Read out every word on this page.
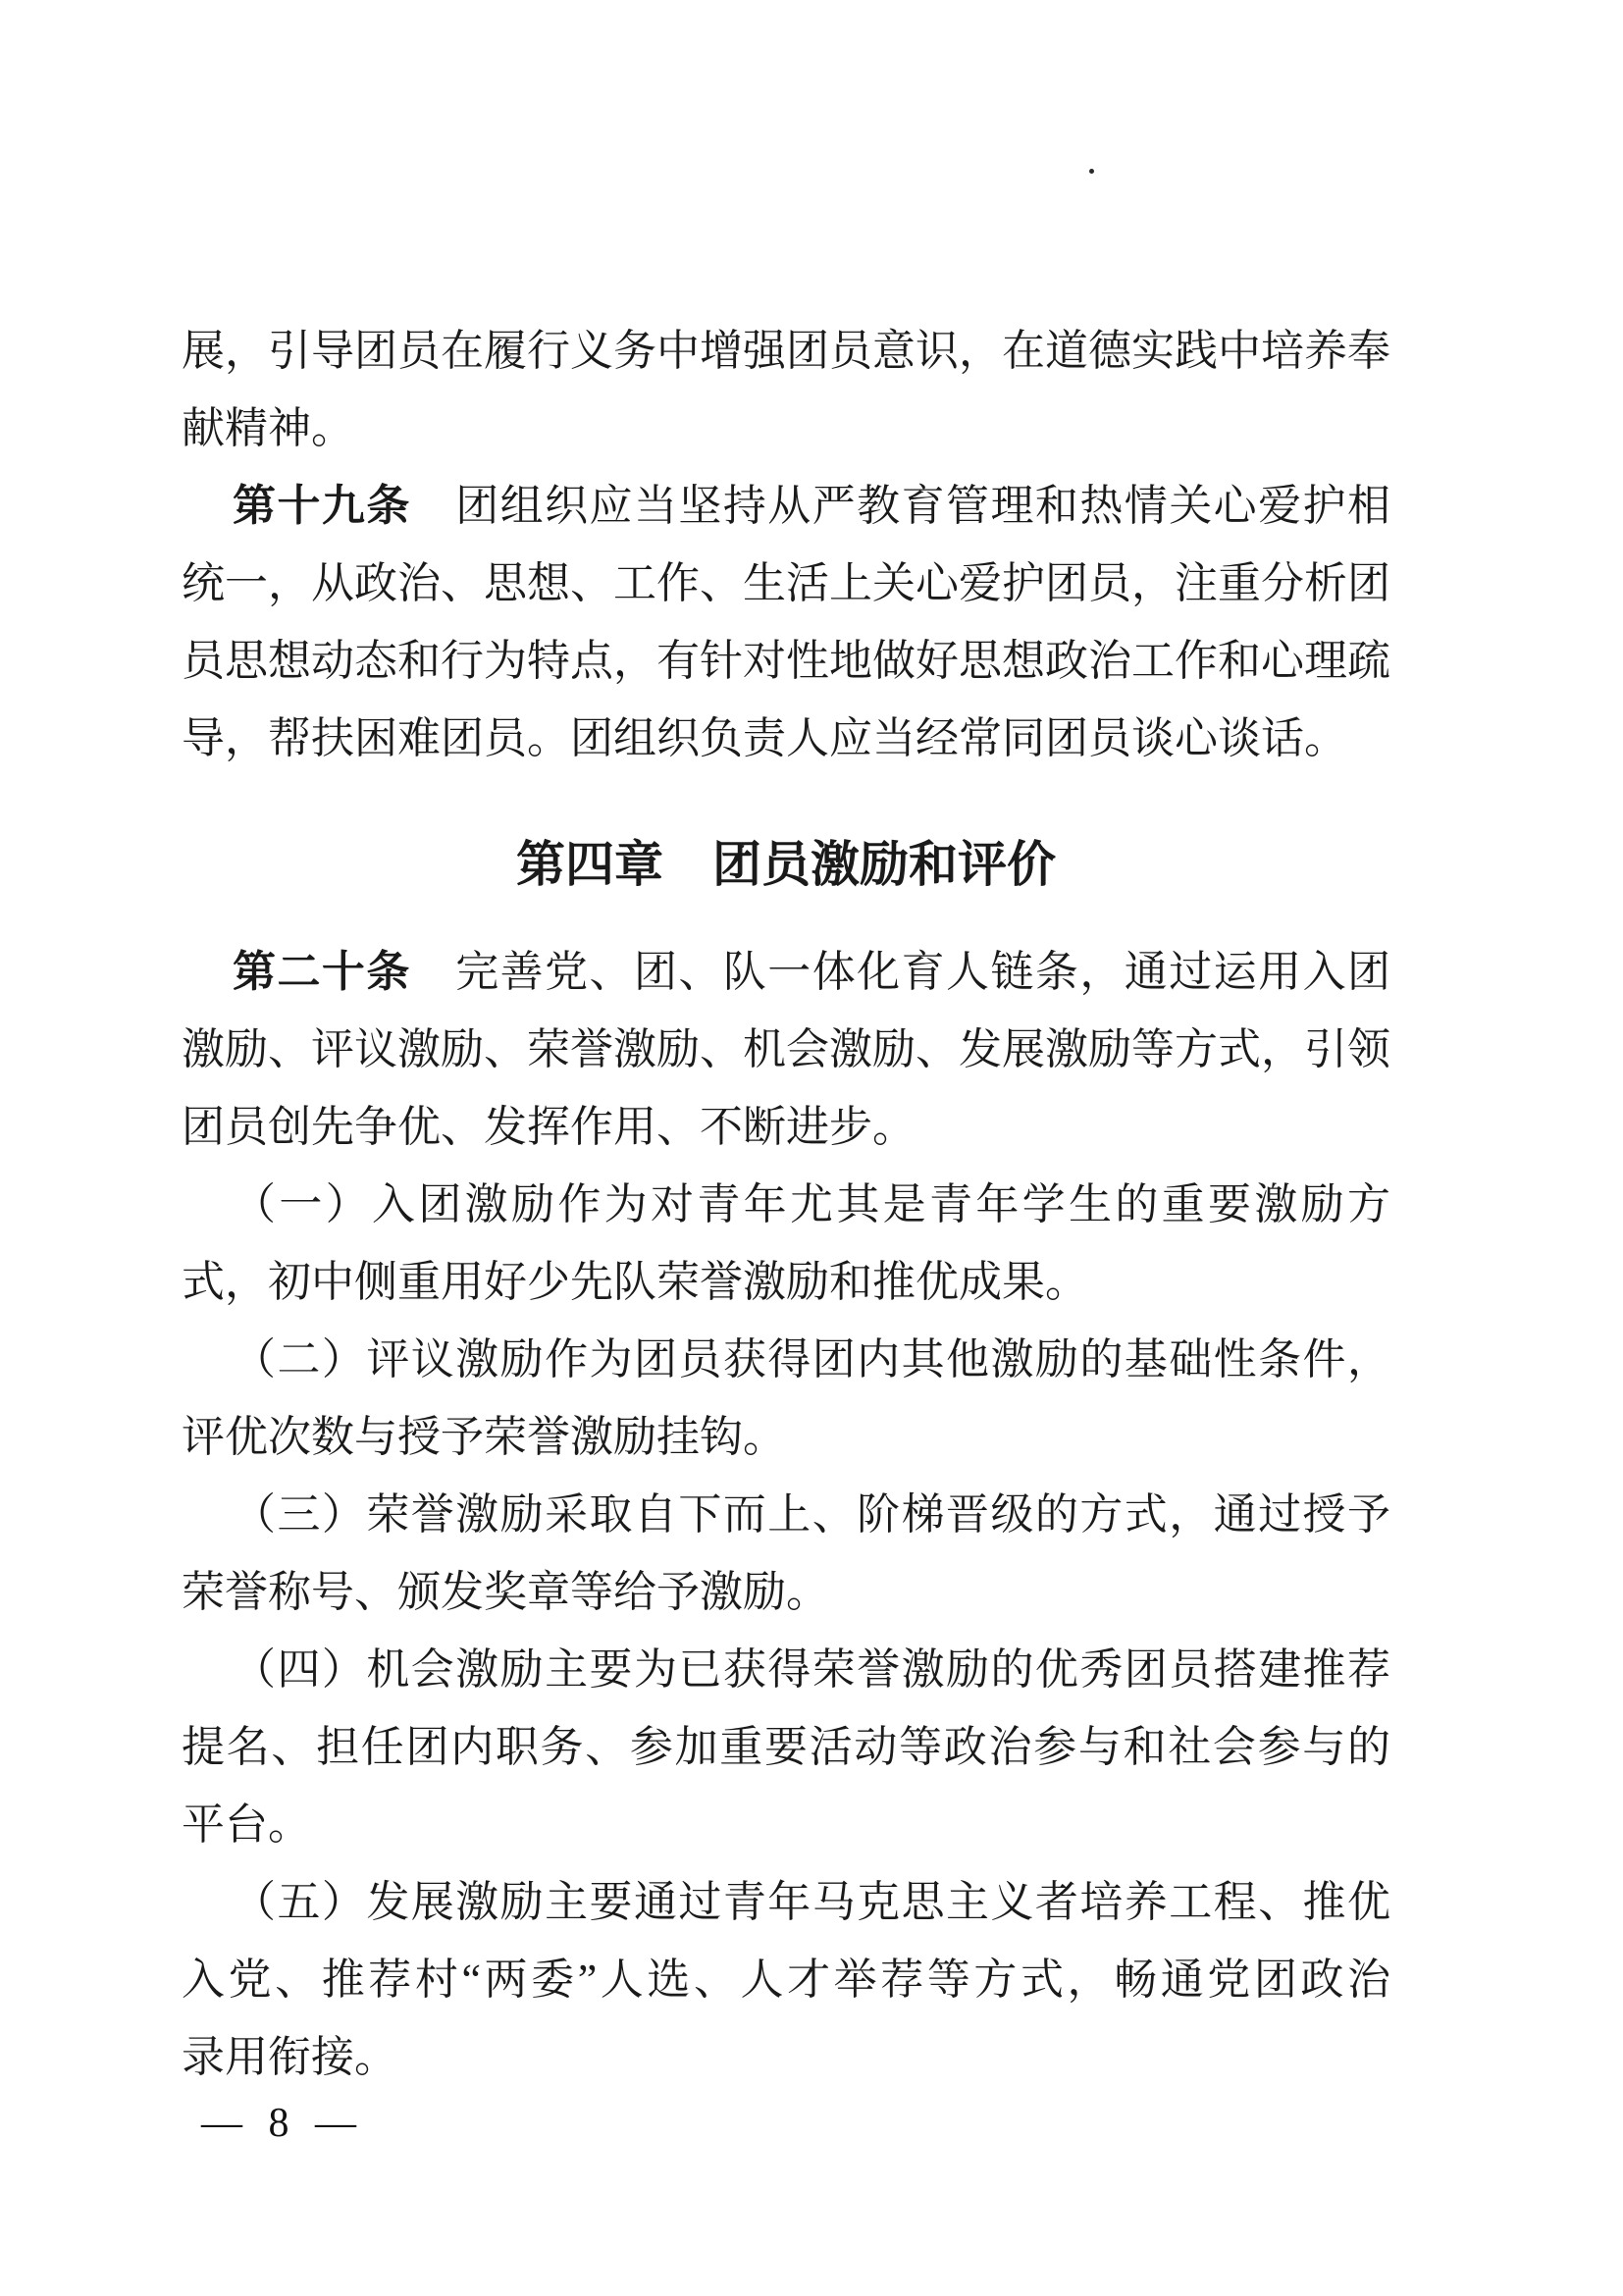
展，引导团员在履行义务中增强团员意识，在道德实践中培养奉
献精神。
第十九条　团组织应当坚持从严教育管理和热情关心爱护相
统一，从政治、思想、工作、生活上关心爱护团员，注重分析团
员思想动态和行为特点，有针对性地做好思想政治工作和心理疏
导，帮扶困难团员。团组织负责人应当经常同团员谈心谈话。
第四章　团员激励和评价
第二十条　完善党、团、队一体化育人链条，通过运用入团
激励、评议激励、荣誉激励、机会激励、发展激励等方式，引领
团员创先争优、发挥作用、不断进步。
（一）入团激励作为对青年尤其是青年学生的重要激励方
式，初中侧重用好少先队荣誉激励和推优成果。
（二）评议激励作为团员获得团内其他激励的基础性条件，
评优次数与授予荣誉激励挂钩。
（三）荣誉激励采取自下而上、阶梯晋级的方式，通过授予
荣誉称号、颁发奖章等给予激励。
（四）机会激励主要为已获得荣誉激励的优秀团员搭建推荐
提名、担任团内职务、参加重要活动等政治参与和社会参与的
平台。
（五）发展激励主要通过青年马克思主义者培养工程、推优
入党、推荐村“两委”人选、人才举荐等方式，畅通党团政治
录用衔接。
— 8 —
